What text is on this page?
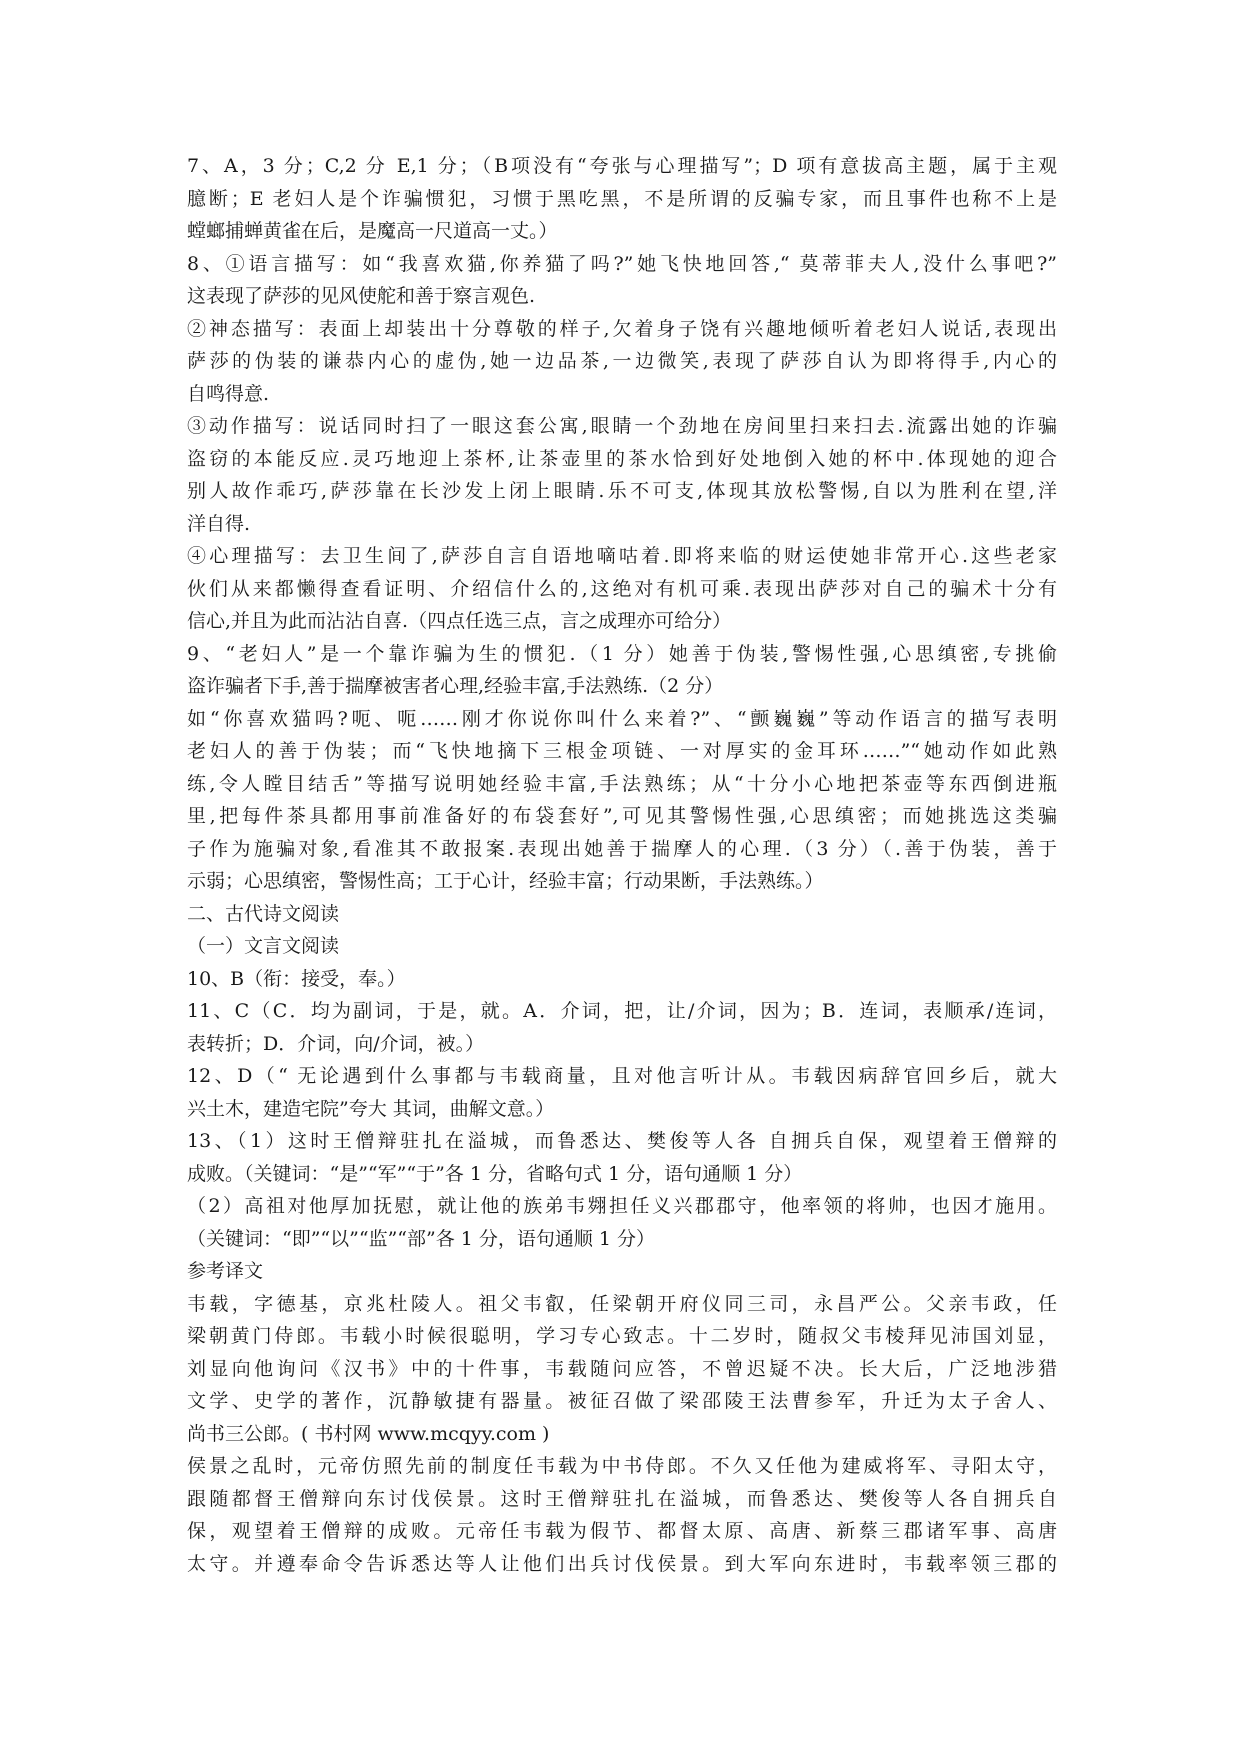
7、A，3 分；C,2 分 E,1 分；（B项没有“夸张与心理描写”；D 项有意拔高主题，属于主观
臆断；E 老妇人是个诈骗惯犯，习惯于黑吃黑，不是所谓的反骗专家，而且事件也称不上是
螳螂捕蝉黄雀在后，是魔高一尺道高一丈。）
8、①语言描写：如“我喜欢猫,你养猫了吗?”她飞快地回答,“ 莫蒂菲夫人,没什么事吧?”
这表现了萨莎的见风使舵和善于察言观色.
②神态描写：表面上却装出十分尊敬的样子,欠着身子饶有兴趣地倾听着老妇人说话,表现出
萨莎的伪装的谦恭内心的虚伪,她一边品茶,一边微笑,表现了萨莎自认为即将得手,内心的
自鸣得意.
③动作描写：说话同时扫了一眼这套公寓,眼睛一个劲地在房间里扫来扫去.流露出她的诈骗
盗窃的本能反应.灵巧地迎上茶杯,让茶壶里的茶水恰到好处地倒入她的杯中.体现她的迎合
别人故作乖巧,萨莎靠在长沙发上闭上眼睛.乐不可支,体现其放松警惕,自以为胜利在望,洋
洋自得.
④心理描写：去卫生间了,萨莎自言自语地嘀咕着.即将来临的财运使她非常开心.这些老家
伙们从来都懒得查看证明、介绍信什么的,这绝对有机可乘.表现出萨莎对自己的骗术十分有
信心,并且为此而沾沾自喜.（四点任选三点，言之成理亦可给分）
9、“老妇人”是一个靠诈骗为生的惯犯.（1 分）她善于伪装,警惕性强,心思缜密,专挑偷
盗诈骗者下手,善于揣摩被害者心理,经验丰富,手法熟练.（2 分）
如“你喜欢猫吗?呃、呃……刚才你说你叫什么来着?”、“颤巍巍”等动作语言的描写表明
老妇人的善于伪装；而“飞快地摘下三根金项链、一对厚实的金耳环……”“她动作如此熟
练,令人瞠目结舌”等描写说明她经验丰富,手法熟练；从“十分小心地把茶壶等东西倒进瓶
里,把每件茶具都用事前准备好的布袋套好”,可见其警惕性强,心思缜密；而她挑选这类骗
子作为施骗对象,看准其不敢报案.表现出她善于揣摩人的心理.（3 分）（.善于伪装，善于
示弱；心思缜密，警惕性高；工于心计，经验丰富；行动果断，手法熟练。）
二、古代诗文阅读
（一）文言文阅读
10、B（衔：接受，奉。）
11、C（C．均为副词，于是，就。A．介词，把，让/介词，因为；B．连词，表顺承/连词，
表转折；D．介词，向/介词，被。）
12、D（“ 无论遇到什么事都与韦载商量，且对他言听计从。韦载因病辞官回乡后，就大
兴土木，建造宅院”夸大 其词，曲解文意。）
13、（1）这时王僧辩驻扎在溢城，而鲁悉达、樊俊等人各 自拥兵自保，观望着王僧辩的
成败。（关键词：“是”“军”“于”各 1 分，省略句式 1 分，语句通顺 1 分）
（2）高祖对他厚加抚慰，就让他的族弟韦翙担任义兴郡郡守，他率领的将帅，也因才施用。
（关键词：“即”“以”“监”“部”各 1 分，语句通顺 1 分）
参考译文
韦载，字德基，京兆杜陵人。祖父韦叡，任梁朝开府仪同三司，永昌严公。父亲韦政，任
梁朝黄门侍郎。韦载小时候很聪明，学习专心致志。十二岁时，随叔父韦棱拜见沛国刘显，
刘显向他询问《汉书》中的十件事，韦载随问应答，不曾迟疑不决。长大后，广泛地涉猎
文学、史学的著作，沉静敏捷有器量。被征召做了梁邵陵王法曹参军，升迁为太子舍人、
尚书三公郎。( 书村网 www.mcqyy.com )
侯景之乱时，元帝仿照先前的制度任韦载为中书侍郎。不久又任他为建威将军、寻阳太守，
跟随都督王僧辩向东讨伐侯景。这时王僧辩驻扎在溢城，而鲁悉达、樊俊等人各自拥兵自
保，观望着王僧辩的成败。元帝任韦载为假节、都督太原、高唐、新蔡三郡诸军事、高唐
太守。并遵奉命令告诉悉达等人让他们出兵讨伐侯景。到大军向东进时，韦载率领三郡的
